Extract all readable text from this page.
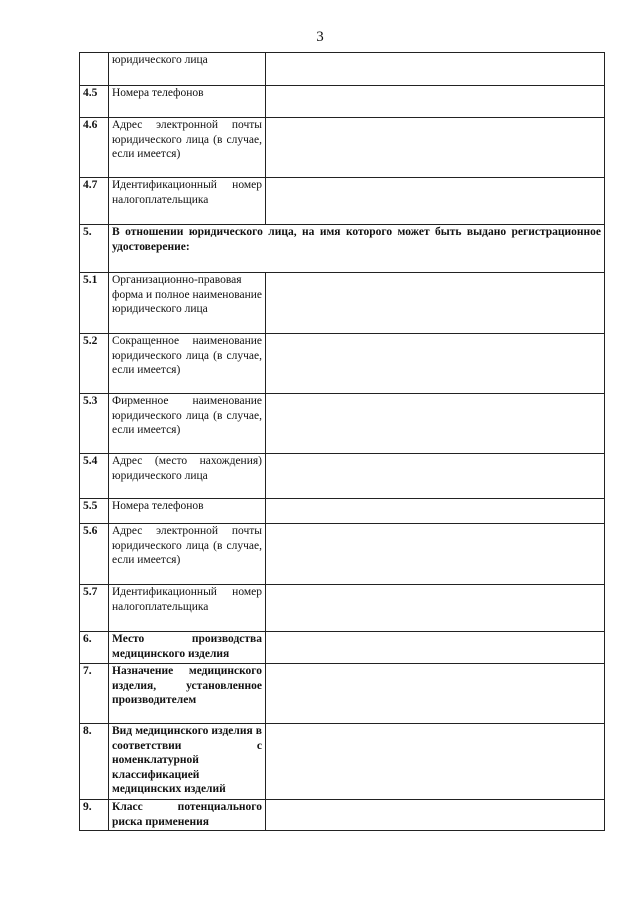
3
	юридического лица	
4.5	Номера телефонов	
4.6	Адрес электронной почты юридического лица (в случае, если имеется)	
4.7	Идентификационный номер налогоплательщика	
5.	В отношении юридического лица, на имя которого может быть выдано регистрационное удостоверение:	
5.1	Организационно-правовая форма и полное наименование юридического лица	
5.2	Сокращенное наименование юридического лица (в случае, если имеется)	
5.3	Фирменное наименование юридического лица (в случае, если имеется)	
5.4	Адрес (место нахождения) юридического лица	
5.5	Номера телефонов	
5.6	Адрес электронной почты юридического лица (в случае, если имеется)	
5.7	Идентификационный номер налогоплательщика	
6.	Место производства медицинского изделия	
7.	Назначение медицинского изделия, установленное производителем	
8.	Вид медицинского изделия в соответствии с номенклатурной классификацией медицинских изделий	
9.	Класс потенциального риска применения	
